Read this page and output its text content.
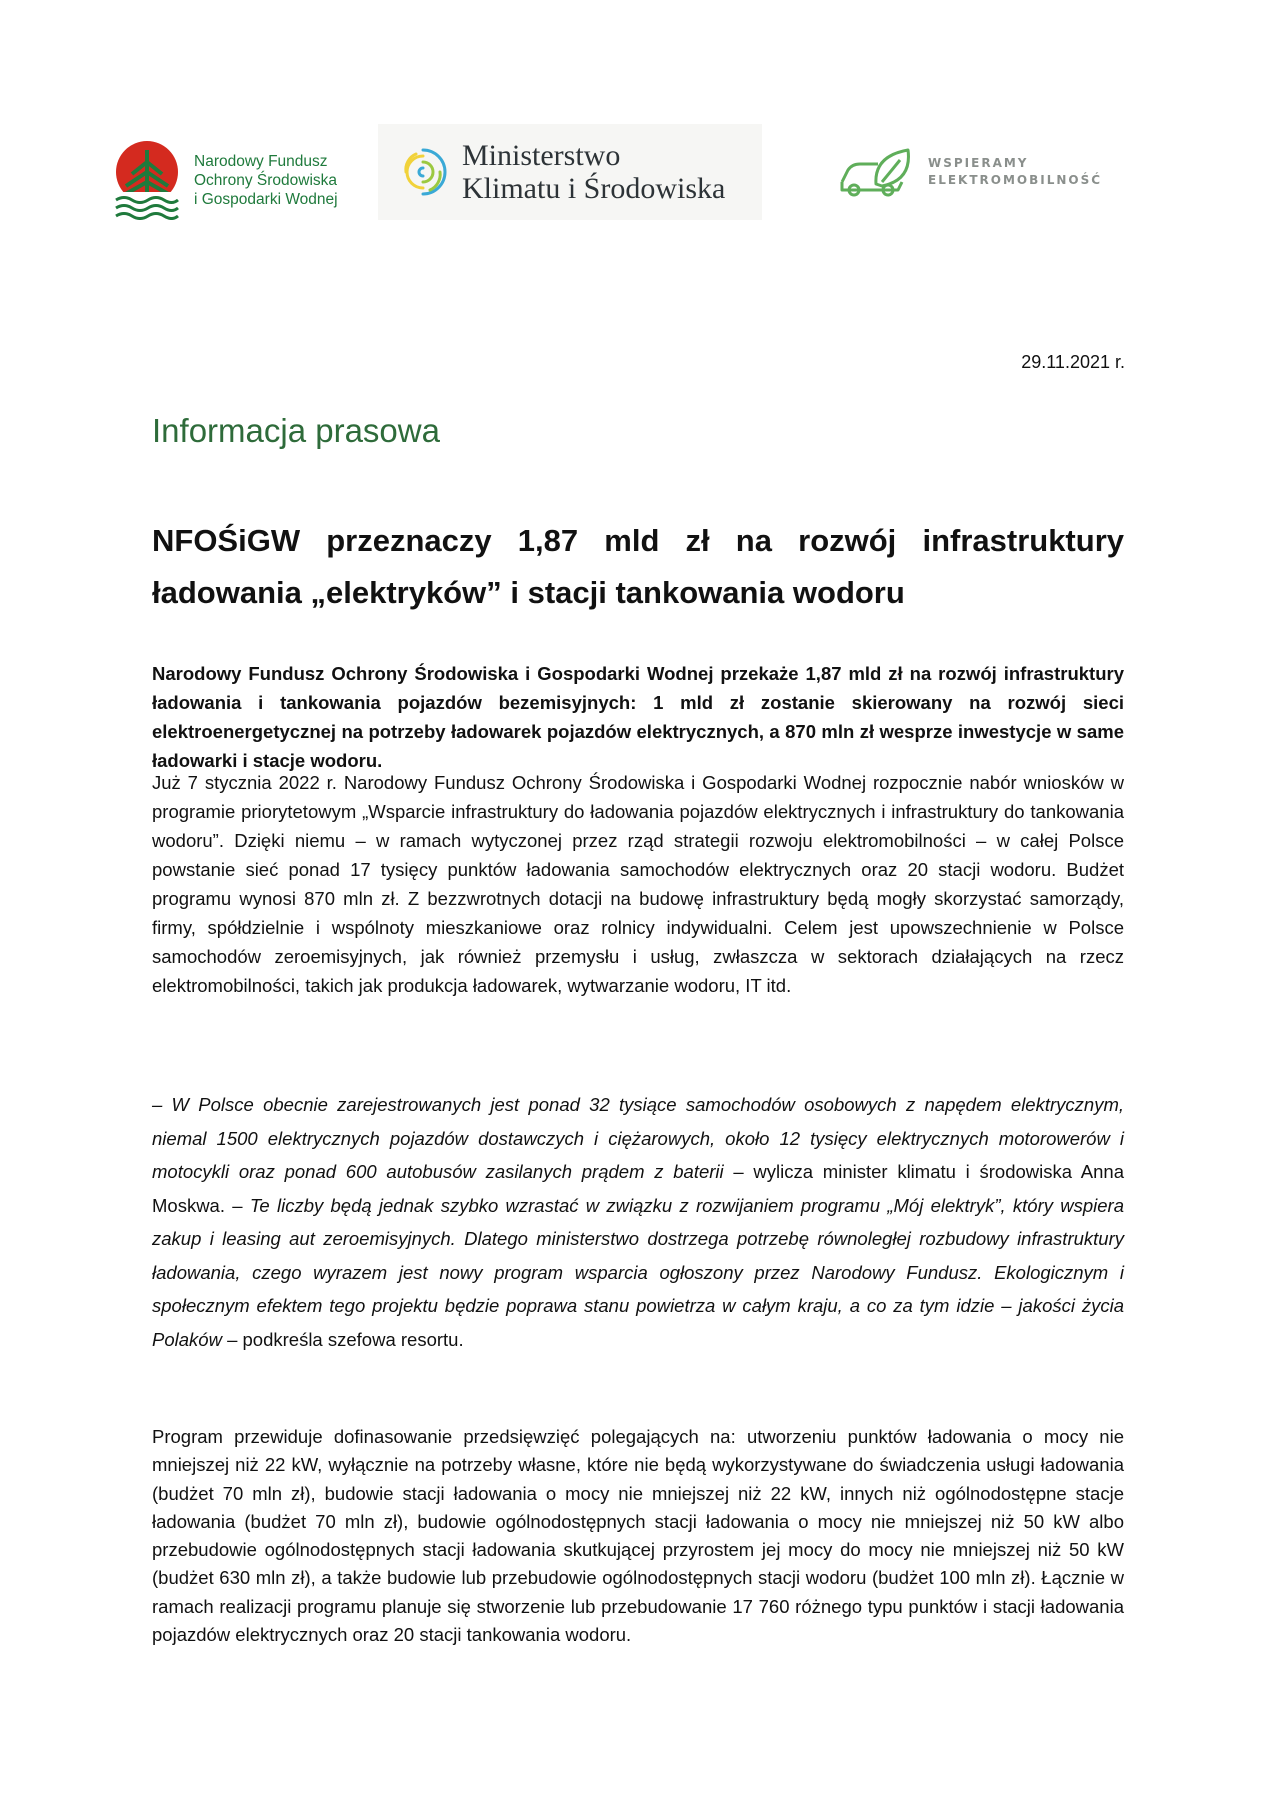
Narodowy Fundusz
Ochrony Środowiska
i Gospodarki Wodnej
Ministerstwo
Klimatu i Środowiska
WSPIERAMY
ELEKTROMOBILNOŚĆ
29.11.2021 r.
Informacja prasowa
NFOŚiGW przeznaczy 1,87 mld zł na rozwój infrastruktury ładowania „elektryków” i stacji tankowania wodoru

Narodowy Fundusz Ochrony Środowiska i Gospodarki Wodnej przekaże 1,87 mld zł na rozwój infrastruktury ładowania i tankowania pojazdów bezemisyjnych: 1 mld zł zostanie skierowany na rozwój sieci elektroenergetycznej na potrzeby ładowarek pojazdów elektrycznych, a 870 mln zł wesprze inwestycje w same ładowarki i stacje wodoru.

Już 7 stycznia 2022 r. Narodowy Fundusz Ochrony Środowiska i Gospodarki Wodnej rozpocznie nabór wniosków w programie priorytetowym „Wsparcie infrastruktury do ładowania pojazdów elektrycznych i infrastruktury do tankowania wodoru”. Dzięki niemu – w ramach wytyczonej przez rząd strategii rozwoju elektromobilności – w całej Polsce powstanie sieć ponad 17 tysięcy punktów ładowania samochodów elektrycznych oraz 20 stacji wodoru. Budżet programu wynosi 870 mln zł. Z bezzwrotnych dotacji na budowę infrastruktury będą mogły skorzystać samorządy, firmy, spółdzielnie i wspólnoty mieszkaniowe oraz rolnicy indywidualni. Celem jest upowszechnienie w Polsce samochodów zeroemisyjnych, jak również przemysłu i usług, zwłaszcza w sektorach działających na rzecz elektromobilności, takich jak produkcja ładowarek, wytwarzanie wodoru, IT itd.

– W Polsce obecnie zarejestrowanych jest ponad 32 tysiące samochodów osobowych z napędem elektrycznym, niemal 1500 elektrycznych pojazdów dostawczych i ciężarowych, około 12 tysięcy elektrycznych motorowerów i motocykli oraz ponad 600 autobusów zasilanych prądem z baterii – wylicza minister klimatu i środowiska Anna Moskwa. – Te liczby będą jednak szybko wzrastać w związku z rozwijaniem programu „Mój elektryk”, który wspiera zakup i leasing aut zeroemisyjnych. Dlatego ministerstwo dostrzega potrzebę równoległej rozbudowy infrastruktury ładowania, czego wyrazem jest nowy program wsparcia ogłoszony przez Narodowy Fundusz. Ekologicznym i społecznym efektem tego projektu będzie poprawa stanu powietrza w całym kraju, a co za tym idzie – jakości życia Polaków – podkreśla szefowa resortu.

Program przewiduje dofinasowanie przedsięwzięć polegających na: utworzeniu punktów ładowania o mocy nie mniejszej niż 22 kW, wyłącznie na potrzeby własne, które nie będą wykorzystywane do świadczenia usługi ładowania (budżet 70 mln zł), budowie stacji ładowania o mocy nie mniejszej niż 22 kW, innych niż ogólnodostępne stacje ładowania (budżet 70 mln zł), budowie ogólnodostępnych stacji ładowania o mocy nie mniejszej niż 50 kW albo przebudowie ogólnodostępnych stacji ładowania skutkującej przyrostem jej mocy do mocy nie mniejszej niż 50 kW (budżet 630 mln zł), a także budowie lub przebudowie ogólnodostępnych stacji wodoru (budżet 100 mln zł). Łącznie w ramach realizacji programu planuje się stworzenie lub przebudowanie 17 760 różnego typu punktów i stacji ładowania pojazdów elektrycznych oraz 20 stacji tankowania wodoru.
